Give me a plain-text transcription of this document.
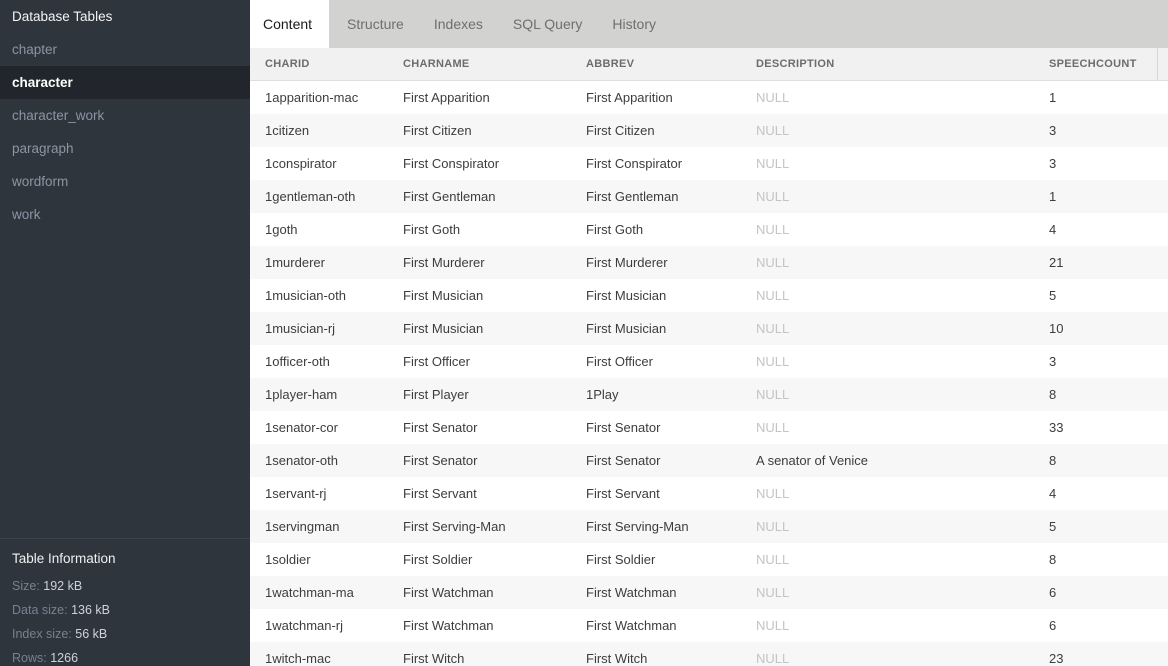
Database Tables
chapter
character
character_work
paragraph
wordform
work
Table Information
Size: 192 kB
Data size: 136 kB
Index size: 56 kB
Rows: 1266
Content	Structure	Indexes	SQL Query	History
CHARID	CHARNAME	ABBREV	DESCRIPTION	SPEECHCOUNT
1apparition-mac	First Apparition	First Apparition	NULL	1
1citizen	First Citizen	First Citizen	NULL	3
1conspirator	First Conspirator	First Conspirator	NULL	3
1gentleman-oth	First Gentleman	First Gentleman	NULL	1
1goth	First Goth	First Goth	NULL	4
1murderer	First Murderer	First Murderer	NULL	21
1musician-oth	First Musician	First Musician	NULL	5
1musician-rj	First Musician	First Musician	NULL	10
1officer-oth	First Officer	First Officer	NULL	3
1player-ham	First Player	1Play	NULL	8
1senator-cor	First Senator	First Senator	NULL	33
1senator-oth	First Senator	First Senator	A senator of Venice	8
1servant-rj	First Servant	First Servant	NULL	4
1servingman	First Serving-Man	First Serving-Man	NULL	5
1soldier	First Soldier	First Soldier	NULL	8
1watchman-ma	First Watchman	First Watchman	NULL	6
1watchman-rj	First Watchman	First Watchman	NULL	6
1witch-mac	First Witch	First Witch	NULL	23
